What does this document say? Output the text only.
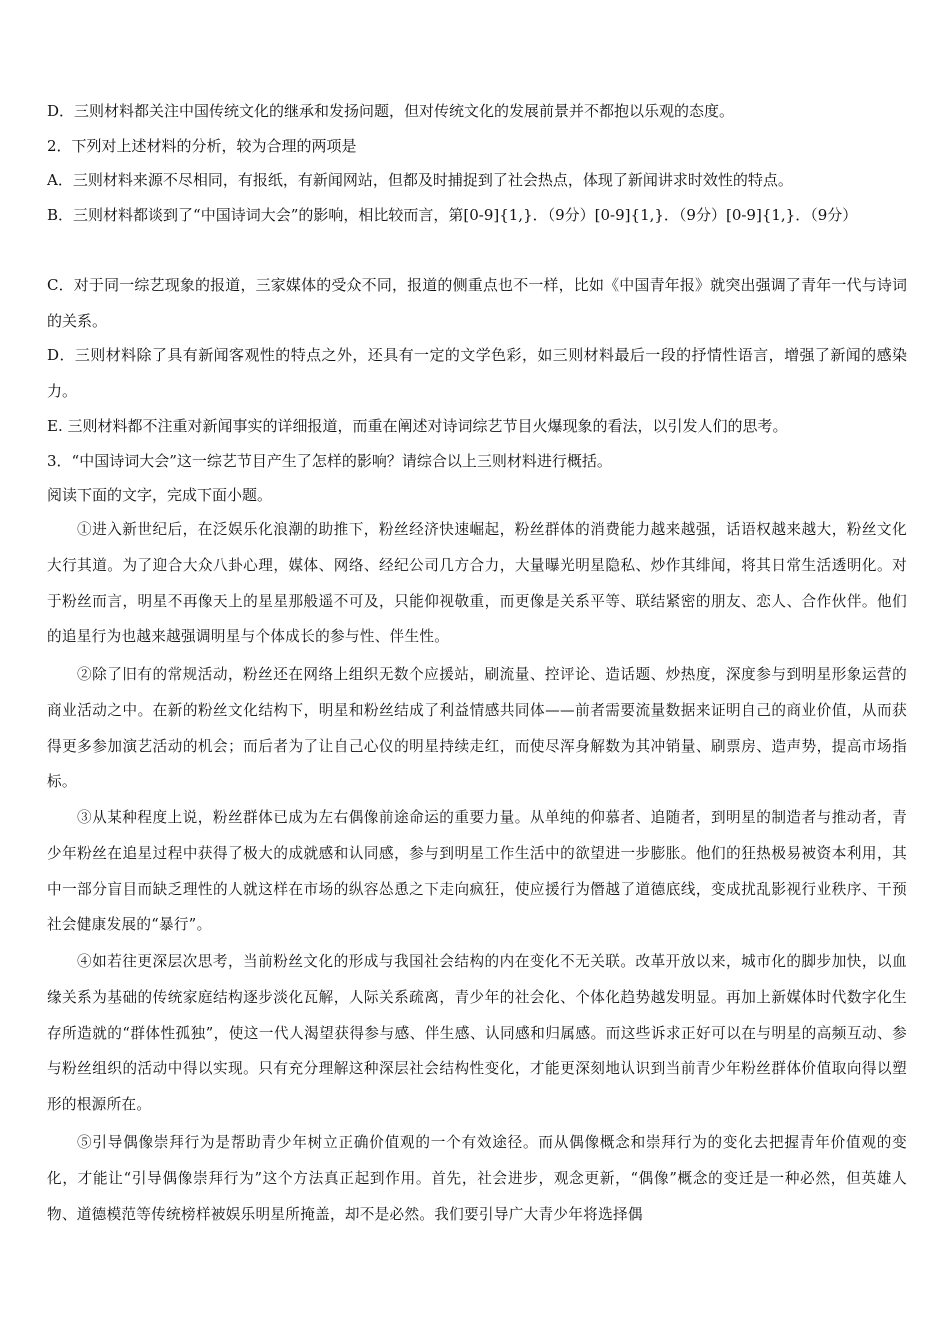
D．三则材料都关注中国传统文化的继承和发扬问题，但对传统文化的发展前景并不都抱以乐观的态度。

2．下列对上述材料的分析，较为合理的两项是

A．三则材料来源不尽相同，有报纸，有新闻网站，但都及时捕捉到了社会热点，体现了新闻讲求时效性的特点。

B．三则材料都谈到了“中国诗词大会”的影响，相比较而言，第[0-9]{1,}．（9分）[0-9]{1,}．（9分）[0-9]{1,}．（9分）

C．对于同一综艺现象的报道，三家媒体的受众不同，报道的侧重点也不一样，比如《中国青年报》就突出强调了青年一代与诗词的关系。

D．三则材料除了具有新闻客观性的特点之外，还具有一定的文学色彩，如三则材料最后一段的抒情性语言，增强了新闻的感染力。

E. 三则材料都不注重对新闻事实的详细报道，而重在阐述对诗词综艺节目火爆现象的看法，以引发人们的思考。

3．“中国诗词大会”这一综艺节目产生了怎样的影响？请综合以上三则材料进行概括。

阅读下面的文字，完成下面小题。

①进入新世纪后，在泛娱乐化浪潮的助推下，粉丝经济快速崛起，粉丝群体的消费能力越来越强，话语权越来越大，粉丝文化大行其道。为了迎合大众八卦心理，媒体、网络、经纪公司几方合力，大量曝光明星隐私、炒作其绯闻，将其日常生活透明化。对于粉丝而言，明星不再像天上的星星那般遥不可及，只能仰视敬重，而更像是关系平等、联结紧密的朋友、恋人、合作伙伴。他们的追星行为也越来越强调明星与个体成长的参与性、伴生性。

②除了旧有的常规活动，粉丝还在网络上组织无数个应援站，刷流量、控评论、造话题、炒热度，深度参与到明星形象运营的商业活动之中。在新的粉丝文化结构下，明星和粉丝结成了利益情感共同体——前者需要流量数据来证明自己的商业价值，从而获得更多参加演艺活动的机会；而后者为了让自己心仪的明星持续走红，而使尽浑身解数为其冲销量、刷票房、造声势，提高市场指标。

③从某种程度上说，粉丝群体已成为左右偶像前途命运的重要力量。从单纯的仰慕者、追随者，到明星的制造者与推动者，青少年粉丝在追星过程中获得了极大的成就感和认同感，参与到明星工作生活中的欲望进一步膨胀。他们的狂热极易被资本利用，其中一部分盲目而缺乏理性的人就这样在市场的纵容怂恿之下走向疯狂，使应援行为僭越了道德底线，变成扰乱影视行业秩序、干预社会健康发展的“暴行”。

④如若往更深层次思考，当前粉丝文化的形成与我国社会结构的内在变化不无关联。改革开放以来，城市化的脚步加快，以血缘关系为基础的传统家庭结构逐步淡化瓦解，人际关系疏离，青少年的社会化、个体化趋势越发明显。再加上新媒体时代数字化生存所造就的“群体性孤独”，使这一代人渴望获得参与感、伴生感、认同感和归属感。而这些诉求正好可以在与明星的高频互动、参与粉丝组织的活动中得以实现。只有充分理解这种深层社会结构性变化，才能更深刻地认识到当前青少年粉丝群体价值取向得以塑形的根源所在。

⑤引导偶像崇拜行为是帮助青少年树立正确价值观的一个有效途径。而从偶像概念和崇拜行为的变化去把握青年价值观的变化，才能让“引导偶像崇拜行为”这个方法真正起到作用。首先，社会进步，观念更新，“偶像”概念的变迁是一种必然，但英雄人物、道德模范等传统榜样被娱乐明星所掩盖，却不是必然。我们要引导广大青少年将选择偶
